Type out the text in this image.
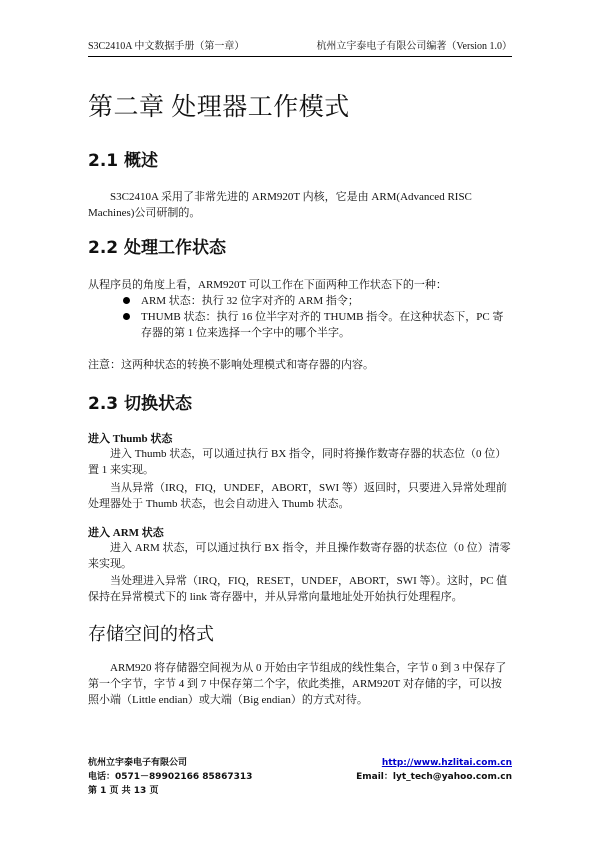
S3C2410A 中文数据手册（第一章）	杭州立宇泰电子有限公司编著（Version 1.0）
第二章 处理器工作模式
2.1 概述

S3C2410A 采用了非常先进的 ARM920T 内核，它是由 ARM(Advanced RISC Machines)公司研制的。

2.2 处理工作状态

从程序员的角度上看，ARM920T 可以工作在下面两种工作状态下的一种：

ARM 状态：执行 32 位字对齐的 ARM 指令；
THUMB 状态：执行 16 位半字对齐的 THUMB 指令。在这种状态下，PC 寄存器的第 1 位来选择一个字中的哪个半字。

注意：这两种状态的转换不影响处理模式和寄存器的内容。

2.3 切换状态

进入 Thumb 状态

进入 Thumb 状态，可以通过执行 BX 指令，同时将操作数寄存器的状态位（0 位）置 1 来实现。

当从异常（IRQ，FIQ，UNDEF，ABORT，SWI 等）返回时，只要进入异常处理前处理器处于 Thumb 状态，也会自动进入 Thumb 状态。

进入 ARM 状态

进入 ARM 状态，可以通过执行 BX 指令，并且操作数寄存器的状态位（0 位）清零来实现。

当处理进入异常（IRQ，FIQ，RESET，UNDEF，ABORT，SWI 等）。这时，PC 值保持在异常模式下的 link 寄存器中，并从异常向量地址处开始执行处理程序。

存储空间的格式

ARM920 将存储器空间视为从 0 开始由字节组成的线性集合，字节 0 到 3 中保存了第一个字节，字节 4 到 7 中保存第二个字，依此类推，ARM920T 对存储的字，可以按照小端（Little endian）或大端（Big endian）的方式对待。

杭州立宇泰电子有限公司	http://www.hzlitai.com.cn
电话：0571－89902166 85867313	Email：lyt_tech@yahoo.com.cn
第 1 页 共 13 页
